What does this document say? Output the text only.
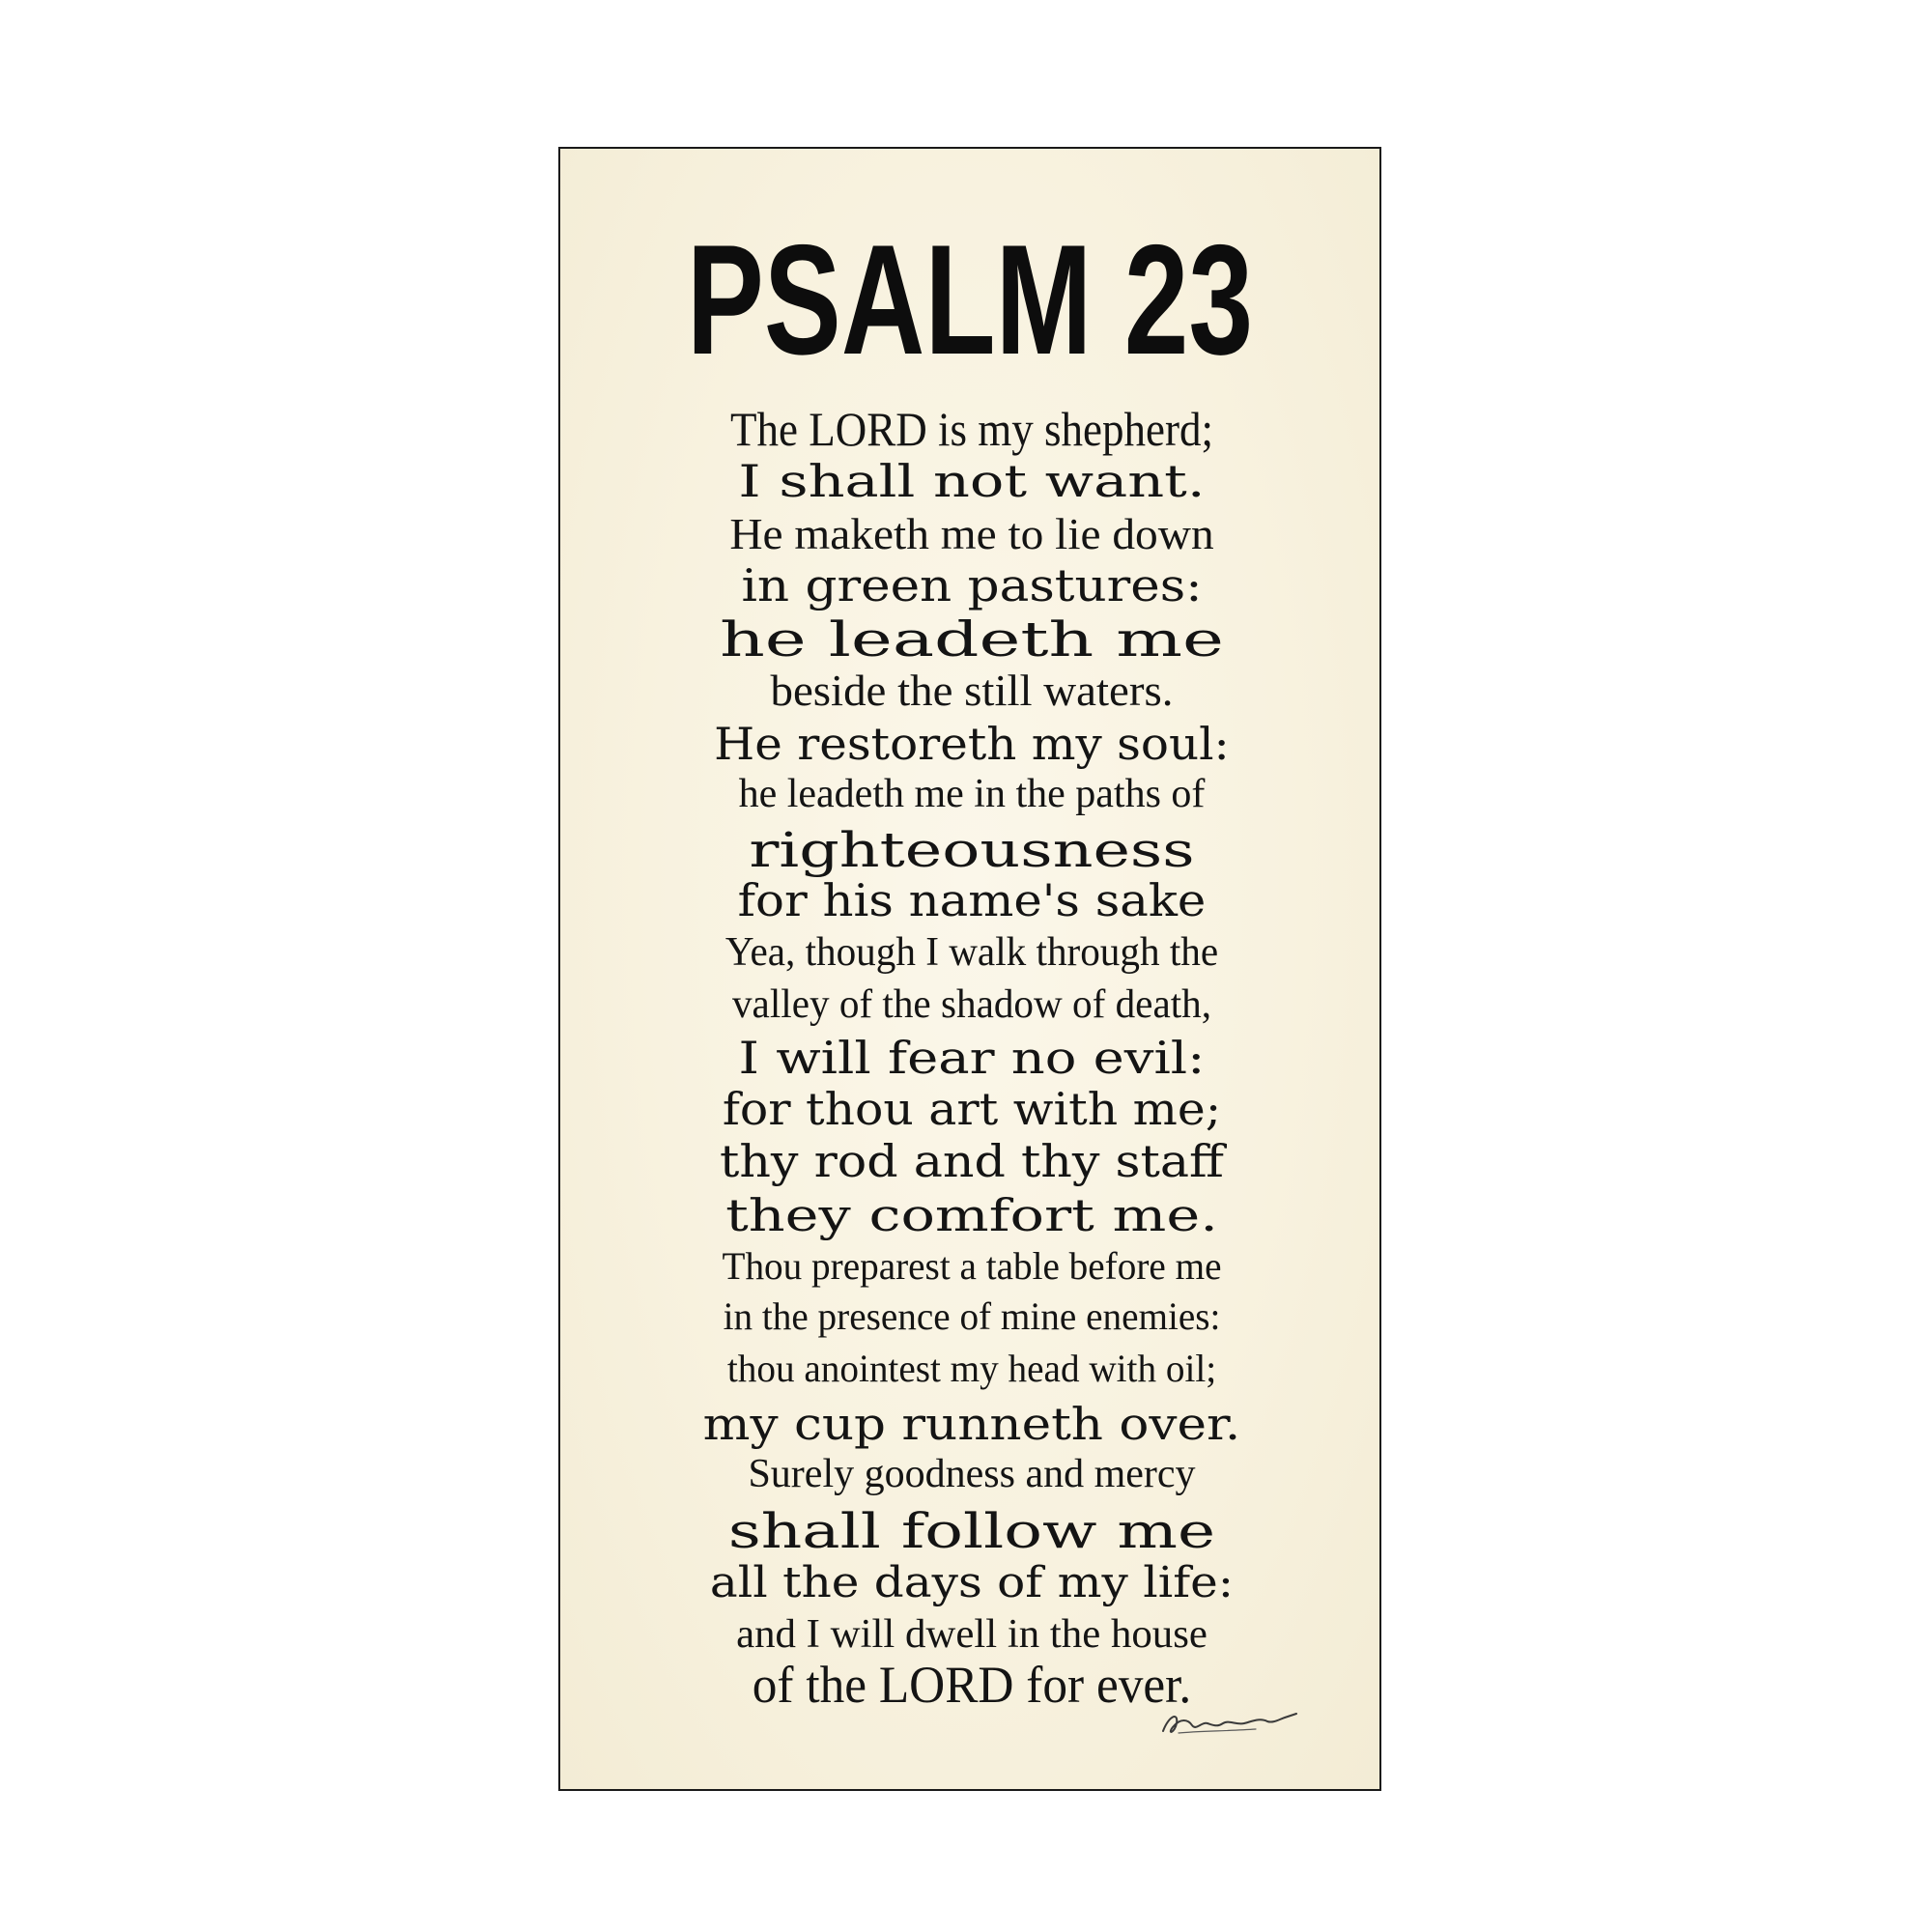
PSALM 23
The LORD is my shepherd;
I shall not want.
He maketh me to lie down
in green pastures:
he leadeth me
beside the still waters.
He restoreth my soul:
he leadeth me in the paths of
righteousness
for his name's sake
Yea, though I walk through the
valley of the shadow of death,
I will fear no evil:
for thou art with me;
thy rod and thy staff
they comfort me.
Thou preparest a table before me
in the presence of mine enemies:
thou anointest my head with oil;
my cup runneth over.
Surely goodness and mercy
shall follow me
all the days of my life:
and I will dwell in the house
of the LORD for ever.
